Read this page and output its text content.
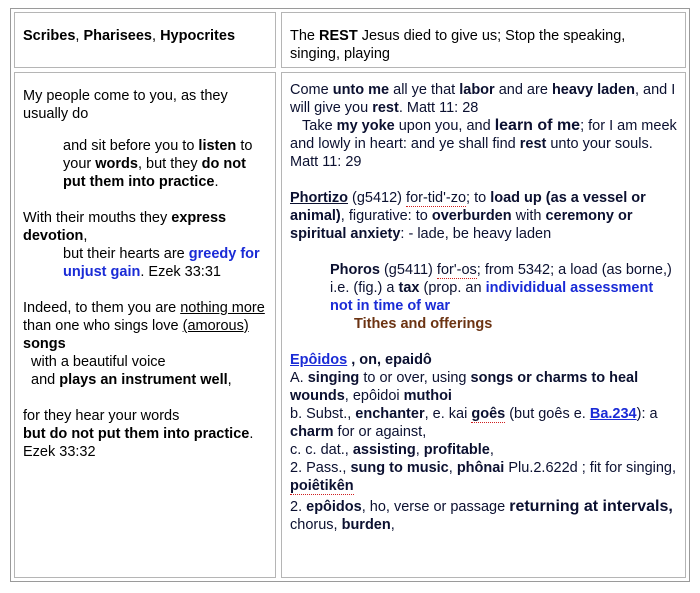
Scribes, Pharisees, Hypocrites	The REST Jesus died to give us; Stop the speaking, singing, playing

My people come to you, as they usually do

and sit before you to listen to your words, but they do not put them into practice.

With their mouths they express devotion,

but their hearts are greedy for unjust gain. Ezek 33:31

Indeed, to them you are nothing more than one who sings love (amorous) songs

with a beautiful voice

and plays an instrument well,

for they hear your words

but do not put them into practice. Ezek 33:32

Come unto me all ye that labor and are heavy laden, and I will give you rest. Matt 11: 28

Take my yoke upon you, and learn of me; for I am meek and lowly in heart: and ye shall find rest unto your souls. Matt 11: 29

Phortizo (g5412) for-tid'-zo; to load up (as a vessel or animal), figurative: to overburden with ceremony or spiritual anxiety: - lade, be heavy laden

Phoros (g5411) for'-os; from 5342; a load (as borne,) i.e. (fig.) a tax (prop. an individidual assessment not in time of war

Tithes and offerings

Epôidos , on, epaidô

A. singing to or over, using songs or charms to heal wounds, epôidoi muthoi

b. Subst., enchanter, e. kai goês (but goês e. Ba.234): a charm for or against,

c. c. dat., assisting, profitable,

2. Pass., sung to music, phônai Plu.2.622d ; fit for singing, poiêtikên

2. epôidos, ho, verse or passage returning at intervals, chorus, burden,
